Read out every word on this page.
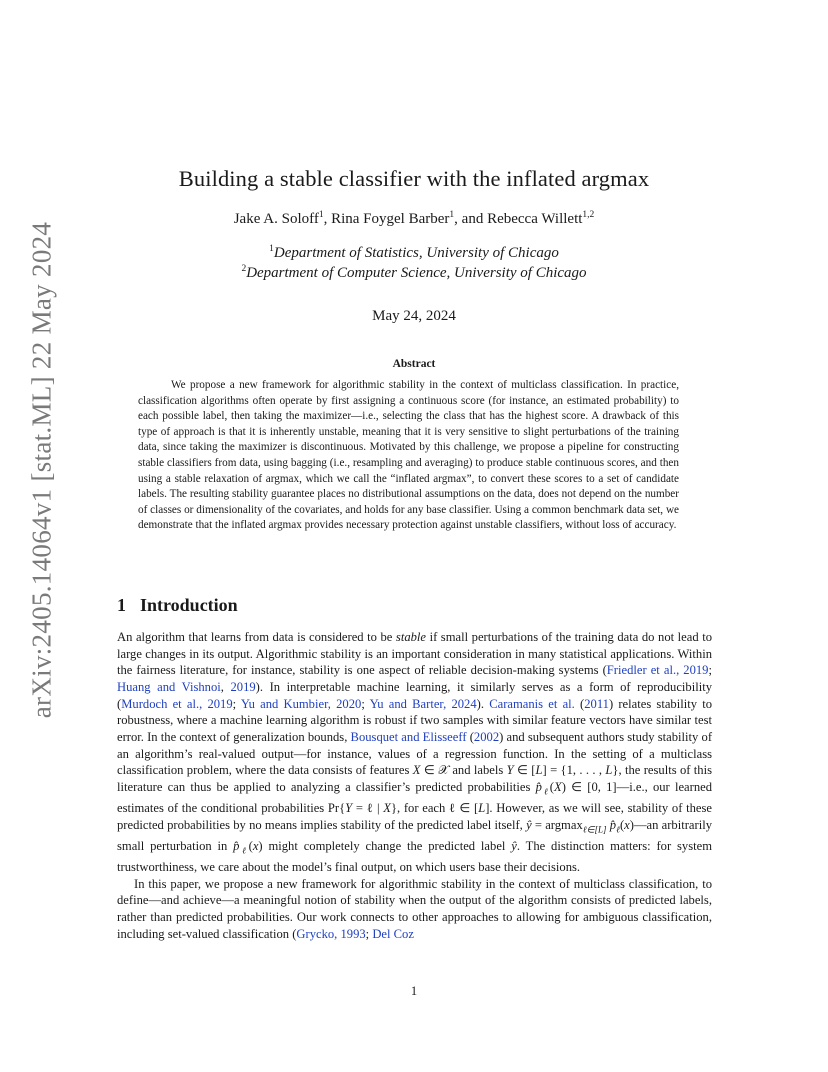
arXiv:2405.14064v1 [stat.ML] 22 May 2024
Building a stable classifier with the inflated argmax
Jake A. Soloff$^1$, Rina Foygel Barber$^1$, and Rebecca Willett$^{1,2}$
$^1$Department of Statistics, University of Chicago
$^2$Department of Computer Science, University of Chicago
May 24, 2024
Abstract
We propose a new framework for algorithmic stability in the context of multiclass classification. In practice, classification algorithms often operate by first assigning a continuous score (for instance, an estimated probability) to each possible label, then taking the maximizer—i.e., selecting the class that has the highest score. A drawback of this type of approach is that it is inherently unstable, meaning that it is very sensitive to slight perturbations of the training data, since taking the maximizer is discontinuous. Motivated by this challenge, we propose a pipeline for constructing stable classifiers from data, using bagging (i.e., resampling and averaging) to produce stable continuous scores, and then using a stable relaxation of argmax, which we call the “inflated argmax”, to convert these scores to a set of candidate labels. The resulting stability guarantee places no distributional assumptions on the data, does not depend on the number of classes or dimensionality of the covariates, and holds for any base classifier. Using a common benchmark data set, we demonstrate that the inflated argmax provides necessary protection against unstable classifiers, without loss of accuracy.
1 Introduction

An algorithm that learns from data is considered to be stable if small perturbations of the training data do not lead to large changes in its output. Algorithmic stability is an important consideration in many statistical applications. Within the fairness literature, for instance, stability is one aspect of reliable decision-making systems (Friedler et al., 2019; Huang and Vishnoi, 2019). In interpretable machine learning, it similarly serves as a form of reproducibility (Murdoch et al., 2019; Yu and Kumbier, 2020; Yu and Barter, 2024). Caramanis et al. (2011) relates stability to robustness, where a machine learning algorithm is robust if two samples with similar feature vectors have similar test error. In the context of generalization bounds, Bousquet and Elisseeff (2002) and subsequent authors study stability of an algorithm’s real-valued output—for instance, values of a regression function. In the setting of a multiclass classification problem, where the data consists of features X ∈ 𝒳 and labels Y ∈ [L] = {1, . . . , L}, the results of this literature can thus be applied to analyzing a classifier’s predicted probabilities $p̂_\ell(X)$ ∈ [0, 1]—i.e., our learned estimates of the conditional probabilities Pr{Y = ℓ | X}, for each ℓ ∈ [L]. However, as we will see, stability of these predicted probabilities by no means implies stability of the predicted label itself, ŷ = argmax$_{\ell\in[L]}$ $p̂_\ell(x)—an$ arbitrarily small perturbation in $p̂_\ell(x)$ might completely change the predicted label ŷ. The distinction matters: for system trustworthiness, we care about the model’s final output, on which users base their decisions.

In this paper, we propose a new framework for algorithmic stability in the context of multiclass classification, to define—and achieve—a meaningful notion of stability when the output of the algorithm consists of predicted labels, rather than predicted probabilities. Our work connects to other approaches to allowing for ambiguous classification, including set-valued classification (Grycko, 1993; Del Coz

1
